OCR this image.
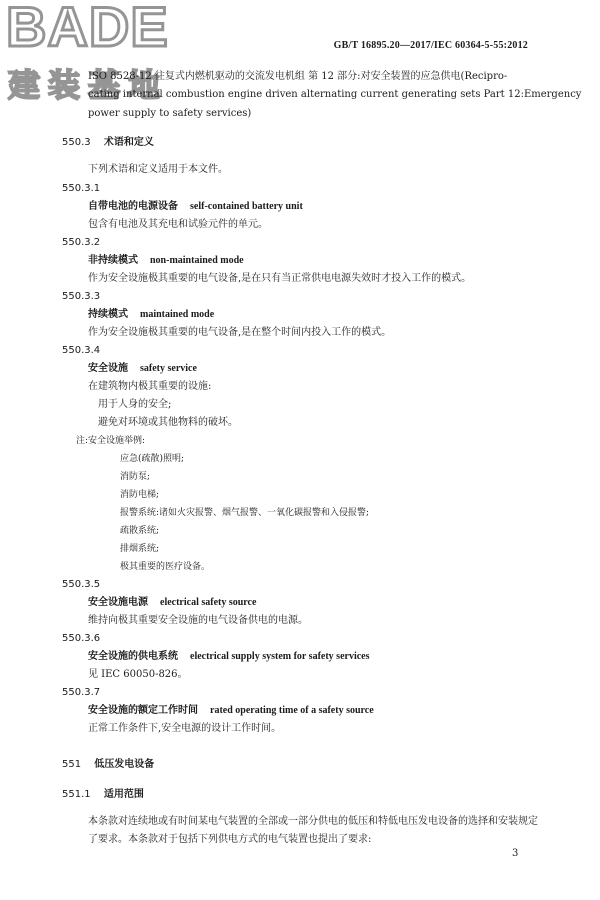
BADE
建装基地
GB/T 16895.20—2017/IEC 60364-5-55:2012
ISO 8528-12 往复式内燃机驱动的交流发电机组 第 12 部分:对安全装置的应急供电(Recipro-
cating internal combustion engine driven alternating current generating sets Part 12:Emergency
power supply to safety services)
550.3 术语和定义
下列术语和定义适用于本文件。
550.3.1
自带电池的电源设备 self-contained battery unit
包含有电池及其充电和试验元件的单元。
550.3.2
非持续模式 non-maintained mode
作为安全设施极其重要的电气设备,是在只有当正常供电电源失效时才投入工作的模式。
550.3.3
持续模式 maintained mode
作为安全设施极其重要的电气设备,是在整个时间内投入工作的模式。
550.3.4
安全设施 safety service
在建筑物内极其重要的设施:
用于人身的安全;
避免对环境或其他物料的破坏。
注:安全设施举例:
应急(疏散)照明;
消防泵;
消防电梯;
报警系统:诸如火灾报警、烟气报警、一氧化碳报警和入侵报警;
疏散系统;
排烟系统;
极其重要的医疗设备。
550.3.5
安全设施电源 electrical safety source
维持向极其重要安全设施的电气设备供电的电源。
550.3.6
安全设施的供电系统 electrical supply system for safety services
见 IEC 60050-826。
550.3.7
安全设施的额定工作时间 rated operating time of a safety source
正常工作条件下,安全电源的设计工作时间。
551 低压发电设备
551.1 适用范围
本条款对连续地或有时间某电气装置的全部或一部分供电的低压和特低电压发电设备的选择和安装规定了要求。本条款对于包括下列供电方式的电气装置也提出了要求:
3
